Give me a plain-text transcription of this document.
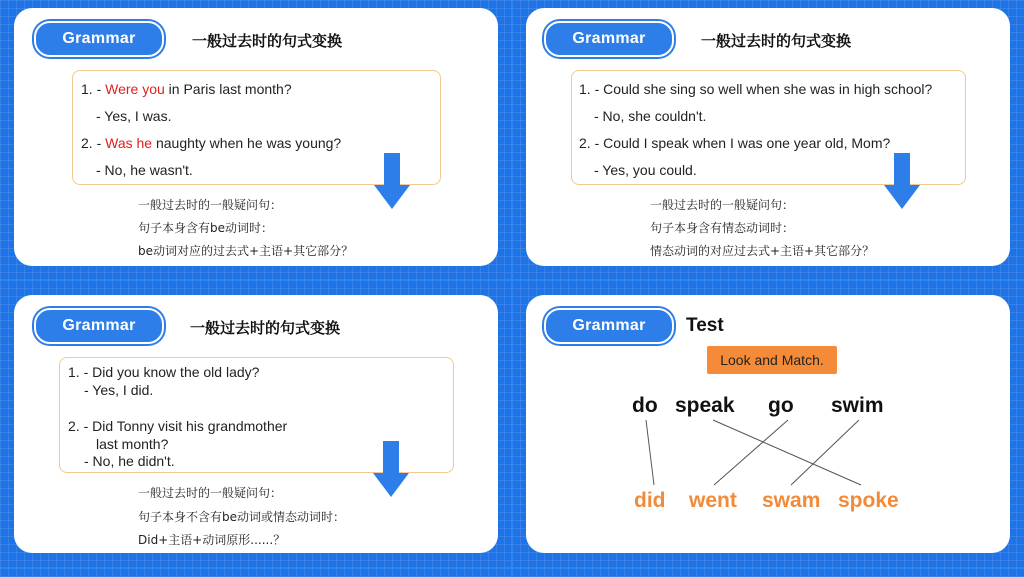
Grammar	一般过去时的句式变换
1. - Were you in Paris last month?
- Yes, I was.
2. - Was he naughty when he was young?
- No, he wasn't.
一般过去时的一般疑问句：
句子本身含有be动词时：
be动词对应的过去式+主语+其它部分？
Grammar	一般过去时的句式变换
1. - Could she sing so well when she was in high school?
- No, she couldn't.
2. - Could I speak when I was one year old, Mom?
- Yes, you could.
一般过去时的一般疑问句：
句子本身含有情态动词时：
情态动词的对应过去式+主语+其它部分？
Grammar	一般过去时的句式变换
1. - Did you know the old lady?
- Yes, I did.
2. - Did Tonny visit his grandmother
last month?
- No, he didn't.
一般过去时的一般疑问句：
句子本身不含有be动词或情态动词时：
Did+主语+动词原形......？
Grammar	Test
Look and Match.
do speak go swim
did went swam spoke
